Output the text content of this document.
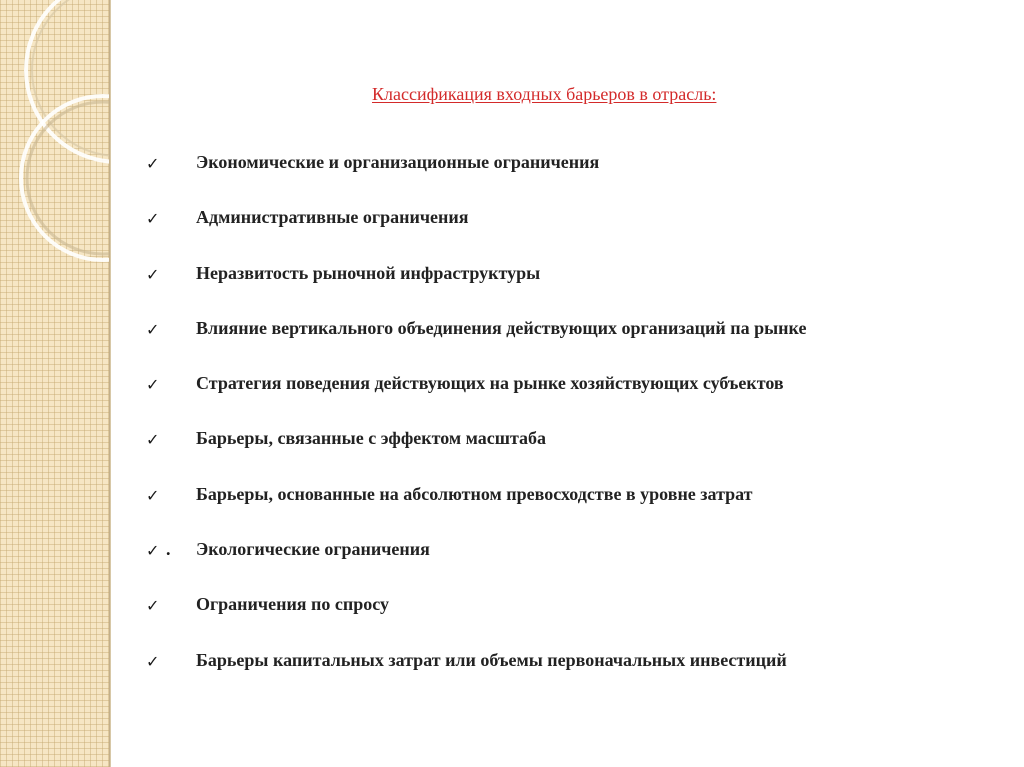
Классификация входных барьеров в отрасль:
✓ Экономические и организационные ограничения
✓ Административные ограничения
✓ Неразвитость рыночной инфраструктуры
✓ Влияние вертикального объединения действующих организаций па рынке
✓ Стратегия поведения действующих на рынке хозяйствующих субъектов
✓ Барьеры, связанные с эффектом масштаба
✓ Барьеры, основанные на абсолютном превосходстве в уровне затрат
✓ . Экологические ограничения
✓ Ограничения по спросу
✓ Барьеры капитальных затрат или объемы первоначальных инвестиций
